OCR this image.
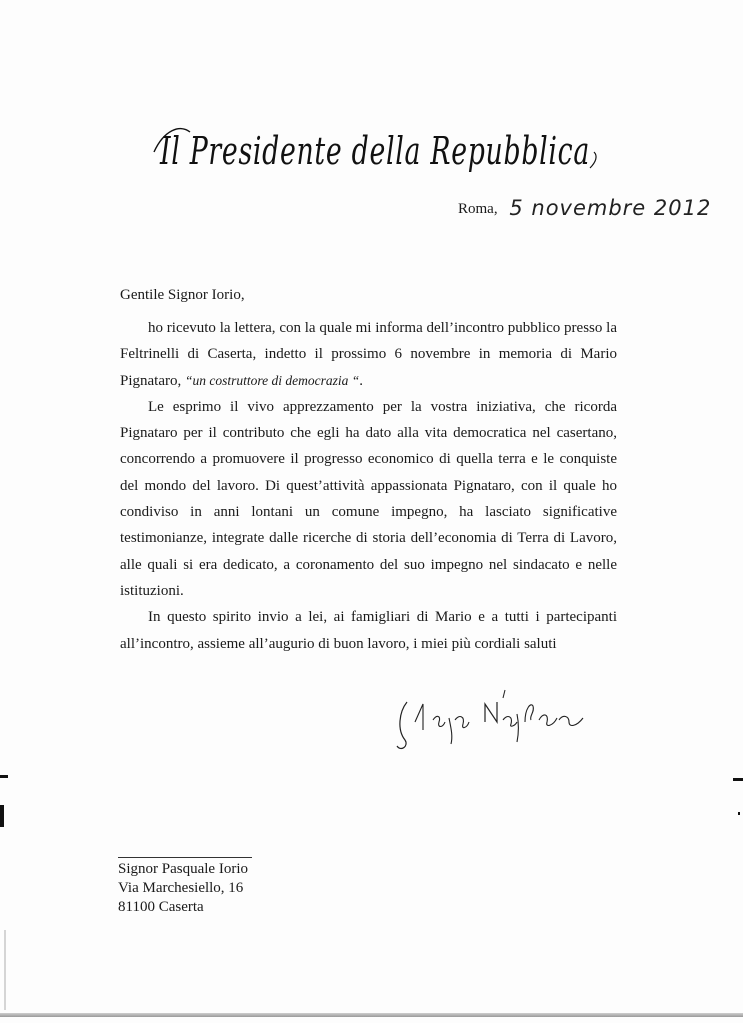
Il Presidente della Repubblica
Roma, 5 novembre 2012
Gentile Signor Iorio,

ho ricevuto la lettera, con la quale mi informa dell’incontro pubblico presso la Feltrinelli di Caserta, indetto il prossimo 6 novembre in memoria di Mario Pignataro, “un costruttore di democrazia “.

Le esprimo il vivo apprezzamento per la vostra iniziativa, che ricorda Pignataro per il contributo che egli ha dato alla vita democratica nel casertano, concorrendo a promuovere il progresso economico di quella terra e le conquiste del mondo del lavoro. Di quest’attività appassionata Pignataro, con il quale ho condiviso in anni lontani un comune impegno, ha lasciato significative testimonianze, integrate dalle ricerche di storia dell’economia di Terra di Lavoro, alle quali si era dedicato, a coronamento del suo impegno nel sindacato e nelle istituzioni.

In questo spirito invio a lei, ai famigliari di Mario e a tutti i partecipanti all’incontro, assieme all’augurio di buon lavoro, i miei più cordiali saluti

Signor Pasquale Iorio
Via Marchesiello, 16
81100 Caserta
